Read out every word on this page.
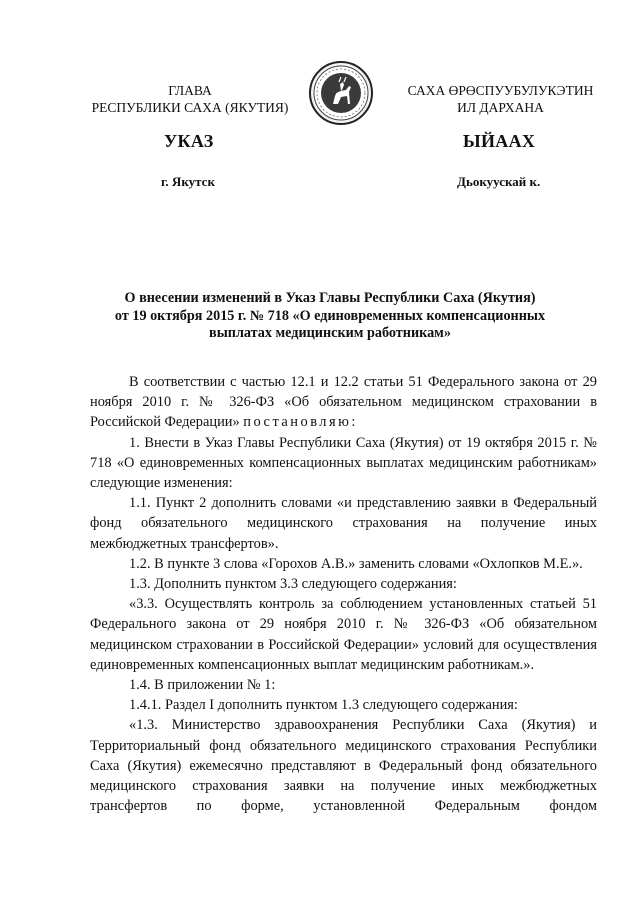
ГЛАВА
РЕСПУБЛИКИ САХА (ЯКУТИЯ)
САХА ӨРӨСПУУБУЛУКЭТИН
ИЛ ДАРХАНА
УКАЗ	ЫЙААХ
г. Якутск	Дьокуускай к.
О внесении изменений в Указ Главы Республики Саха (Якутия)
от 19 октября 2015 г. № 718 «О единовременных компенсационных
выплатах медицинским работникам»

В соответствии с частью 12.1 и 12.2 статьи 51 Федерального закона от 29 ноября 2010 г. № 326-ФЗ «Об обязательном медицинском страховании в Российской Федерации» постановляю:

1. Внести в Указ Главы Республики Саха (Якутия) от 19 октября 2015 г. № 718 «О единовременных компенсационных выплатах медицинским работникам» следующие изменения:

1.1. Пункт 2 дополнить словами «и представлению заявки в Федеральный фонд обязательного медицинского страхования на получение иных межбюджетных трансфертов».

1.2. В пункте 3 слова «Горохов А.В.» заменить словами «Охлопков М.Е.».

1.3. Дополнить пунктом 3.3 следующего содержания:

«3.3. Осуществлять контроль за соблюдением установленных статьей 51 Федерального закона от 29 ноября 2010 г. № 326-ФЗ «Об обязательном медицинском страховании в Российской Федерации» условий для осуществления единовременных компенсационных выплат медицинским работникам.».

1.4. В приложении № 1:

1.4.1. Раздел I дополнить пунктом 1.3 следующего содержания:

«1.3. Министерство здравоохранения Республики Саха (Якутия) и Территориальный фонд обязательного медицинского страхования Республики Саха (Якутия) ежемесячно представляют в Федеральный фонд обязательного медицинского страхования заявки на получение иных межбюджетных трансфертов по форме, установленной Федеральным фондом
